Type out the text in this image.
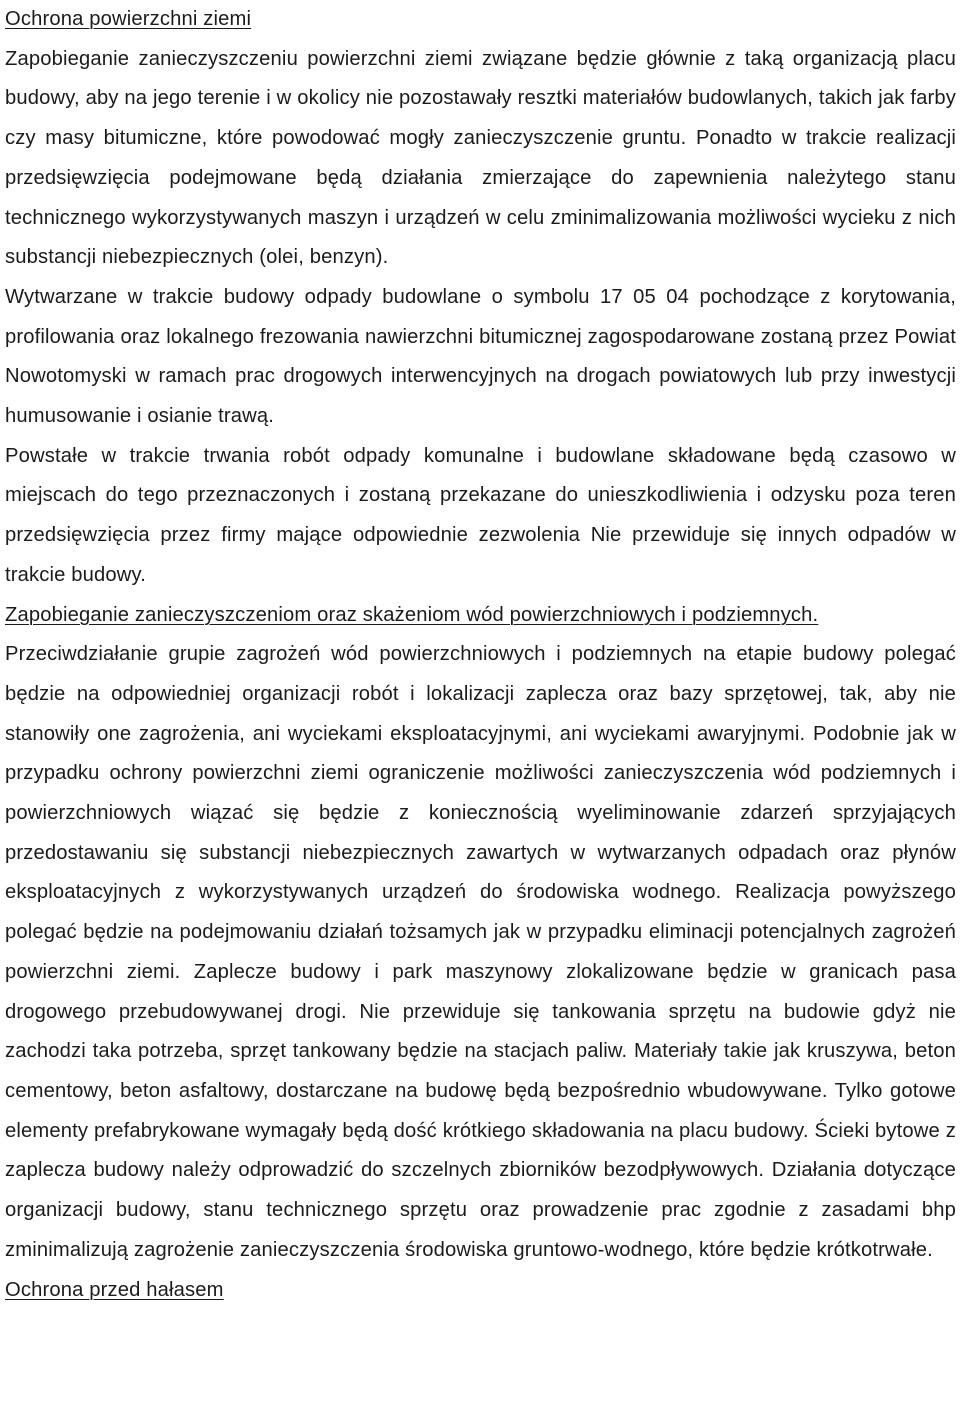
Ochrona powierzchni ziemi

Zapobieganie zanieczyszczeniu powierzchni ziemi związane będzie głównie z taką organizacją placu budowy, aby na jego terenie i w okolicy nie pozostawały resztki materiałów budowlanych, takich jak farby czy masy bitumiczne, które powodować mogły zanieczyszczenie gruntu. Ponadto w trakcie realizacji przedsięwzięcia podejmowane będą działania zmierzające do zapewnienia należytego stanu technicznego wykorzystywanych maszyn i urządzeń w celu zminimalizowania możliwości wycieku z nich substancji niebezpiecznych (olei, benzyn).

Wytwarzane w trakcie budowy odpady budowlane o symbolu 17 05 04 pochodzące z korytowania, profilowania oraz lokalnego frezowania nawierzchni bitumicznej zagospodarowane zostaną przez Powiat Nowotomyski w ramach prac drogowych interwencyjnych na drogach powiatowych lub przy inwestycji humusowanie i osianie trawą.

Powstałe w trakcie trwania robót odpady komunalne i budowlane składowane będą czasowo w miejscach do tego przeznaczonych i zostaną przekazane do unieszkodliwienia i odzysku poza teren przedsięwzięcia przez firmy mające odpowiednie zezwolenia Nie przewiduje się innych odpadów w trakcie budowy.

Zapobieganie zanieczyszczeniom oraz skażeniom wód powierzchniowych i podziemnych.

Przeciwdziałanie grupie zagrożeń wód powierzchniowych i podziemnych na etapie budowy polegać będzie na odpowiedniej organizacji robót i lokalizacji zaplecza oraz bazy sprzętowej, tak, aby nie stanowiły one zagrożenia, ani wyciekami eksploatacyjnymi, ani wyciekami awaryjnymi. Podobnie jak w przypadku ochrony powierzchni ziemi ograniczenie możliwości zanieczyszczenia wód podziemnych i powierzchniowych wiązać się będzie z koniecznością wyeliminowanie zdarzeń sprzyjających przedostawaniu się substancji niebezpiecznych zawartych w wytwarzanych odpadach oraz płynów eksploatacyjnych z wykorzystywanych urządzeń do środowiska wodnego. Realizacja powyższego polegać będzie na podejmowaniu działań tożsamych jak w przypadku eliminacji potencjalnych zagrożeń powierzchni ziemi. Zaplecze budowy i park maszynowy zlokalizowane będzie w granicach pasa drogowego przebudowywanej drogi. Nie przewiduje się tankowania sprzętu na budowie gdyż nie zachodzi taka potrzeba, sprzęt tankowany będzie na stacjach paliw. Materiały takie jak kruszywa, beton cementowy, beton asfaltowy, dostarczane na budowę będą bezpośrednio wbudowywane. Tylko gotowe elementy prefabrykowane wymagały będą dość krótkiego składowania na placu budowy. Ścieki bytowe z zaplecza budowy należy odprowadzić do szczelnych zbiorników bezodpływowych. Działania dotyczące organizacji budowy, stanu technicznego sprzętu oraz prowadzenie prac zgodnie z zasadami bhp zminimalizują zagrożenie zanieczyszczenia środowiska gruntowo-wodnego, które będzie krótkotrwałe.

Ochrona przed hałasem
